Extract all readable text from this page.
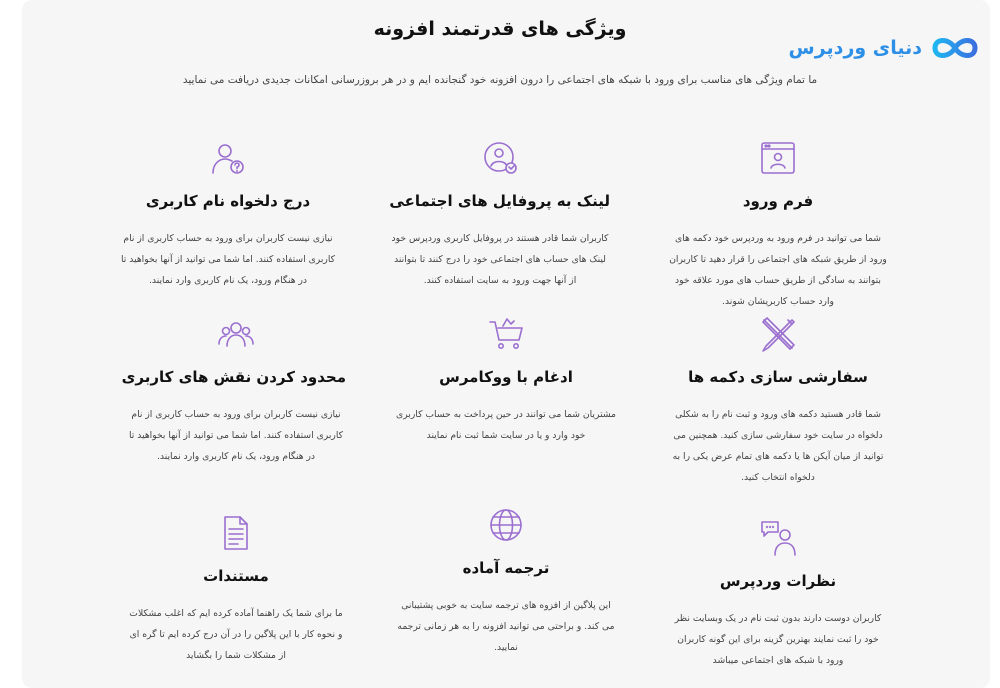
دنیای وردپرس
ویژگی های قدرتمند افزونه

ما تمام ویژگی های مناسب برای ورود با شبکه های اجتماعی را درون افزونه خود گنجانده ایم و در هر بروزرسانی امکانات جدیدی دریافت می نمایید

فرم ورود

شما می توانید در فرم ورود به وردپرس خود دکمه های ورود از طریق شبکه های اجتماعی را قرار دهید تا کاربران بتوانند به سادگی از طریق حساب های مورد علاقه خود وارد حساب کاربریشان شوند.

لینک به پروفایل های اجتماعی

کاربران شما قادر هستند در پروفایل کاربری وردپرس خود لینک های حساب های اجتماعی خود را درج کنند تا بتوانند از آنها جهت ورود به سایت استفاده کنند.

درج دلخواه نام کاربری

نیازی نیست کاربران برای ورود به حساب کاربری از نام کاربری استفاده کنند. اما شما می توانید از آنها بخواهید تا در هنگام ورود، یک نام کاربری وارد نمایند.

سفارشی سازی دکمه ها

شما قادر هستید دکمه های ورود و ثبت نام را به شکلی دلخواه در سایت خود سفارشی سازی کنید. همچنین می توانید از میان آیکن ها یا دکمه های تمام عرض یکی را به دلخواه انتخاب کنید.

ادغام با ووکامرس

مشتریان شما می توانند در حین پرداخت به حساب کاربری خود وارد و یا در سایت شما ثبت نام نمایند

محدود کردن نقش های کاربری

نیازی نیست کاربران برای ورود به حساب کاربری از نام کاربری استفاده کنند. اما شما می توانید از آنها بخواهید تا در هنگام ورود، یک نام کاربری وارد نمایند.

نظرات وردپرس

کاربران دوست دارند بدون ثبت نام در یک وبسایت نظر خود را ثبت نمایند بهترین گزینه برای این گونه کاربران ورود با شبکه های اجتماعی میباشد

ترجمه آماده

این پلاگین از افزوه های ترجمه سایت به خوبی پشتیبانی می کند. و براحتی می توانید افزونه را به هر زمانی ترجمه نمایید.

مستندات

ما برای شما یک راهنما آماده کرده ایم که اغلب مشکلات و نحوه کار با این پلاگین را در آن درج کرده ایم تا گره ای از مشکلات شما را بگشاید
